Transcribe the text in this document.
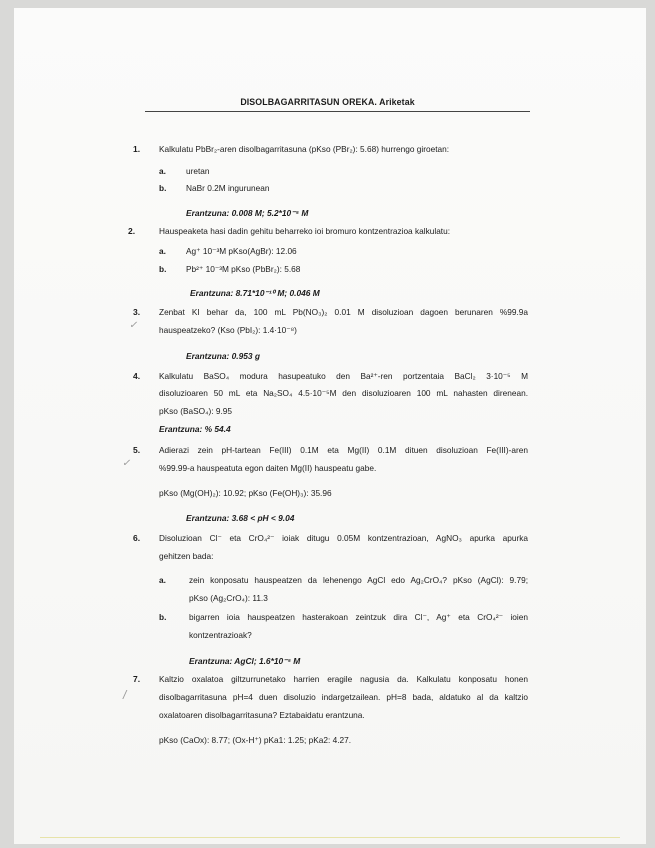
DISOLBAGARRITASUN OREKA. Ariketak
1. Kalkulatu PbBr₂-aren disolbagarritasuna (pKso (PBr₂): 5.68) hurrengo giroetan:
a. uretan
b. NaBr 0.2M ingurunean
Erantzuna: 0.008 M; 5.2*10⁻⁵ M
2.	Hauspeaketa hasi dadin gehitu beharreko ioi bromuro kontzentrazioa kalkulatu:
a. Ag⁺ 10⁻³M pKso(AgBr): 12.06
b. Pb²⁺ 10⁻³M pKso (PbBr₂): 5.68
Erantzuna: 8.71*10⁻¹⁰ M; 0.046 M
3.
✓
Zenbat KI behar da, 100 mL Pb(NO₃)₂ 0.01 M disoluzioan dagoen berunaren %99.9a
hauspeatzeko? (Kso (PbI₂): 1.4·10⁻⁸)
Erantzuna: 0.953 g
4. Kalkulatu BaSO₄ modura hasupeatuko den Ba²⁺-ren portzentaia BaCl₂ 3·10⁻⁵ M
disoluzioaren 50 mL eta Na₂SO₄ 4.5·10⁻⁵M den disoluzioaren 100 mL nahasten direnean.
pKso (BaSO₄): 9.95
Erantzuna: % 54.4
5.
✓
Adierazi zein pH-tartean Fe(III) 0.1M eta Mg(II) 0.1M dituen disoluzioan Fe(III)-aren
%99.99-a hauspeatuta egon daiten Mg(II) hauspeatu gabe.
pKso (Mg(OH)₂): 10.92; pKso (Fe(OH)₃): 35.96
Erantzuna: 3.68 < pH < 9.04
6. Disoluzioan Cl⁻ eta CrO₄²⁻ ioiak ditugu 0.05M kontzentrazioan, AgNO₃ apurka apurka
gehitzen bada:
a.	zein konposatu hauspeatzen da lehenengo AgCl edo Ag₂CrO₄? pKso (AgCl): 9.79;
pKso (Ag₂CrO₄): 11.3
b.	bigarren ioia hauspeatzen hasterakoan zeintzuk dira Cl⁻, Ag⁺ eta CrO₄²⁻ ioien
kontzentrazioak?
Erantzuna: AgCl; 1.6*10⁻⁵ M
7.
/
Kaltzio oxalatoa giltzurrunetako harrien eragile nagusia da. Kalkulatu konposatu honen
disolbagarritasuna pH=4 duen disoluzio indargetzailean. pH=8 bada, aldatuko al da kaltzio
oxalatoaren disolbagarritasuna? Eztabaidatu erantzuna.
pKso (CaOx): 8.77; (Ox-H⁺) pKa1: 1.25; pKa2: 4.27.
